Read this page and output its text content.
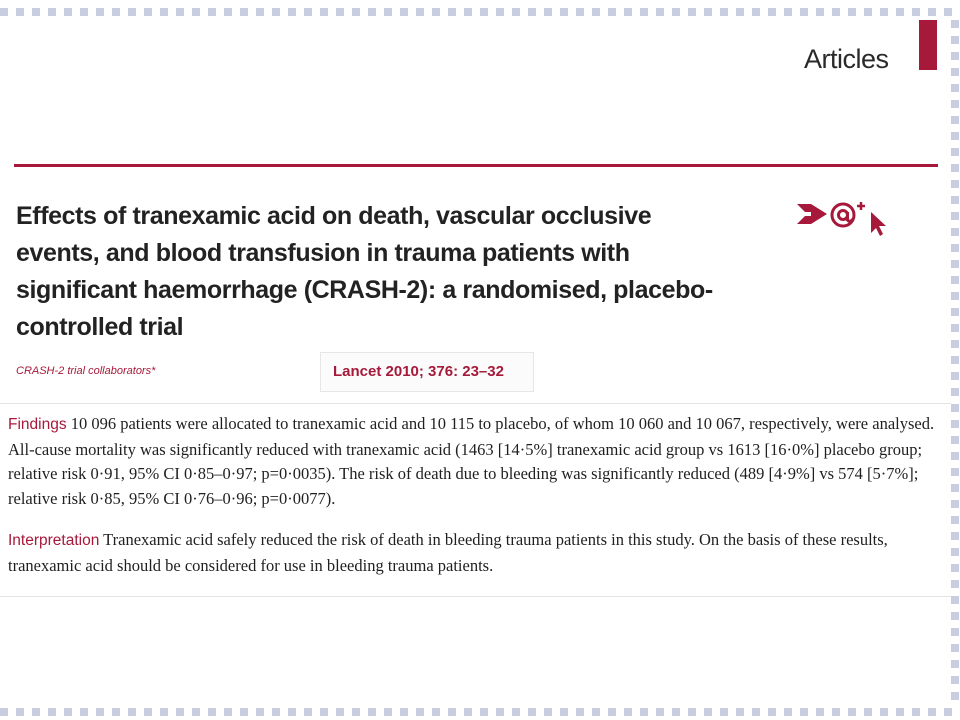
Articles
Effects of tranexamic acid on death, vascular occlusive events, and blood transfusion in trauma patients with significant haemorrhage (CRASH-2): a randomised, placebo-controlled trial
CRASH-2 trial collaborators*	Lancet 2010; 376: 23–32

Findings 10 096 patients were allocated to tranexamic acid and 10 115 to placebo, of whom 10 060 and 10 067, respectively, were analysed. All-cause mortality was significantly reduced with tranexamic acid (1463 [14·5%] tranexamic acid group vs 1613 [16·0%] placebo group; relative risk 0·91, 95% CI 0·85–0·97; p=0·0035). The risk of death due to bleeding was significantly reduced (489 [4·9%] vs 574 [5·7%]; relative risk 0·85, 95% CI 0·76–0·96; p=0·0077).

Interpretation Tranexamic acid safely reduced the risk of death in bleeding trauma patients in this study. On the basis of these results, tranexamic acid should be considered for use in bleeding trauma patients.
